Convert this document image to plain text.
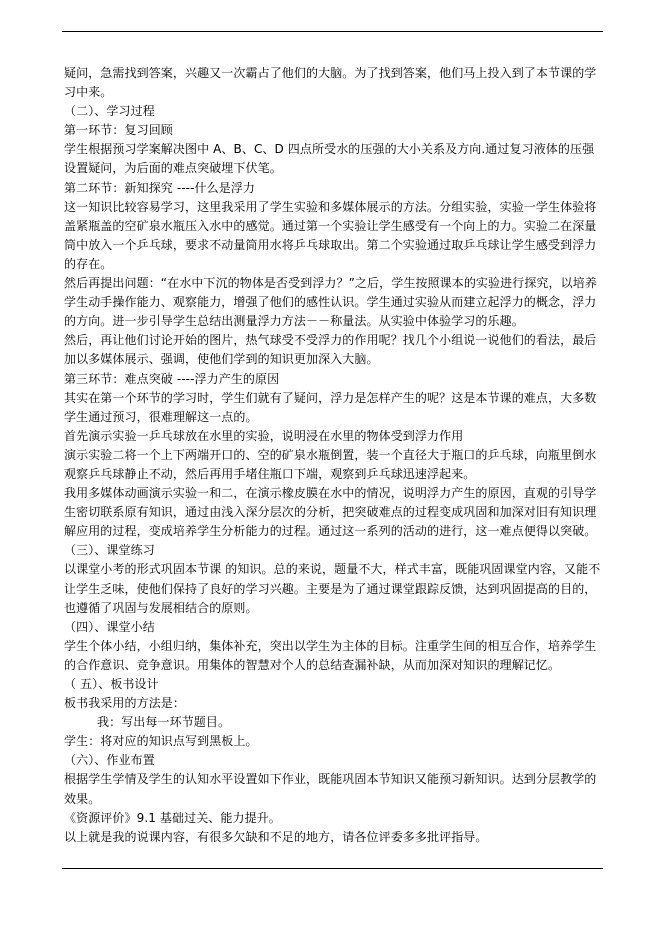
疑问，急需找到答案，兴趣又一次霸占了他们的大脑。为了找到答案，他们马上投入到了本节课的学习中来。

（二）、学习过程

第一环节：复习回顾

学生根据预习学案解决图中 A、B、C、D 四点所受水的压强的大小关系及方向.通过复习液体的压强设置疑问，为后面的难点突破埋下伏笔。

第二环节：新知探究 ----什么是浮力

这一知识比较容易学习，这里我采用了学生实验和多媒体展示的方法。分组实验，实验一学生体验将盖紧瓶盖的空矿泉水瓶压入水中的感觉。通过第一个实验让学生感受有一个向上的力。实验二在深量筒中放入一个乒乓球，要求不动量筒用水将乒乓球取出。第二个实验通过取乒乓球让学生感受到浮力的存在。

然后再提出问题：“在水中下沉的物体是否受到浮力？”之后，学生按照课本的实验进行探究，以培养学生动手操作能力、观察能力，增强了他们的感性认识。学生通过实验从而建立起浮力的概念，浮力的方向。进一步引导学生总结出测量浮力方法－－称量法。从实验中体验学习的乐趣。

然后，再让他们讨论开始的图片，热气球受不受浮力的作用呢？找几个小组说一说他们的看法，最后加以多媒体展示、强调，使他们学到的知识更加深入大脑。

第三环节：难点突破 ----浮力产生的原因

其实在第一个环节的学习时，学生们就有了疑问，浮力是怎样产生的呢？这是本节课的难点，大多数学生通过预习，很难理解这一点的。

首先演示实验一乒乓球放在水里的实验，说明浸在水里的物体受到浮力作用

演示实验二将一个上下两端开口的、空的矿泉水瓶倒置，装一个直径大于瓶口的乒乓球，向瓶里倒水观察乒乓球静止不动，然后再用手堵住瓶口下端，观察到乒乓球迅速浮起来。

我用多媒体动画演示实验一和二，在演示橡皮膜在水中的情况，说明浮力产生的原因，直观的引导学生密切联系原有知识，通过由浅入深分层次的分析，把突破难点的过程变成巩固和加深对旧有知识理解应用的过程，变成培养学生分析能力的过程。通过这一系列的活动的进行，这一难点便得以突破。

（三）、课堂练习

以课堂小考的形式巩固本节课 的知识。总的来说，题量不大，样式丰富，既能巩固课堂内容，又能不让学生乏味，使他们保持了良好的学习兴趣。主要是为了通过课堂跟踪反馈，达到巩固提高的目的，也遵循了巩固与发展相结合的原则。

（四）、课堂小结

学生个体小结，小组归纳，集体补充，突出以学生为主体的目标。注重学生间的相互合作，培养学生的合作意识、竞争意识。用集体的智慧对个人的总结查漏补缺，从而加深对知识的理解记忆。

（ 五）、板书设计

板书我采用的方法是：

我：写出每一环节题目。

学生：将对应的知识点写到黑板上。

（六）、作业布置

根据学生学情及学生的认知水平设置如下作业，既能巩固本节知识又能预习新知识。达到分层教学的效果。

《资源评价》9.1 基础过关、能力提升。

以上就是我的说课内容，有很多欠缺和不足的地方，请各位评委多多批评指导。
